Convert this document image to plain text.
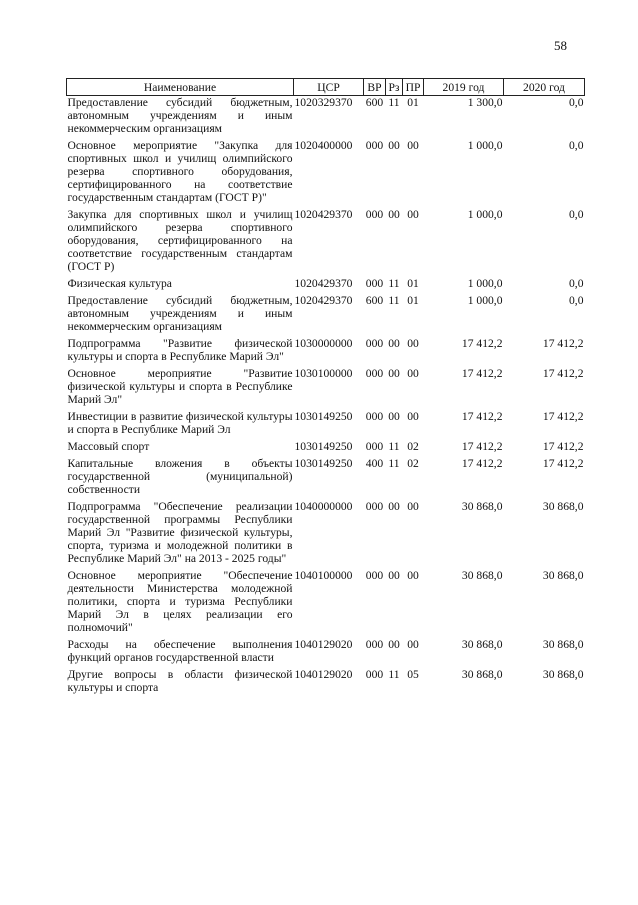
58
Наименование	ЦСР	ВР	Рз	ПР	2019 год	2020 год
Предоставление субсидий бюджетным, автономным учреждениям и иным некоммерческим организациям	1020329370	600	11	01	1 300,0	0,0
Основное мероприятие "Закупка для спортивных школ и училищ олимпийского резерва спортивного оборудования, сертифицированного на соответствие государственным стандартам (ГОСТ Р)"	1020400000	000	00	00	1 000,0	0,0
Закупка для спортивных школ и училищ олимпийского резерва спортивного оборудования, сертифицированного на соответствие государственным стандартам (ГОСТ Р)	1020429370	000	00	00	1 000,0	0,0
Физическая культура	1020429370	000	11	01	1 000,0	0,0
Предоставление субсидий бюджетным, автономным учреждениям и иным некоммерческим организациям	1020429370	600	11	01	1 000,0	0,0
Подпрограмма "Развитие физической культуры и спорта в Республике Марий Эл"	1030000000	000	00	00	17 412,2	17 412,2
Основное мероприятие "Развитие физической культуры и спорта в Республике Марий Эл"	1030100000	000	00	00	17 412,2	17 412,2
Инвестиции в развитие физической культуры и спорта в Республике Марий Эл	1030149250	000	00	00	17 412,2	17 412,2
Массовый спорт	1030149250	000	11	02	17 412,2	17 412,2
Капитальные вложения в объекты государственной (муниципальной) собственности	1030149250	400	11	02	17 412,2	17 412,2
Подпрограмма "Обеспечение реализации государственной программы Республики Марий Эл "Развитие физической культуры, спорта, туризма и молодежной политики в Республике Марий Эл" на 2013 - 2025 годы"	1040000000	000	00	00	30 868,0	30 868,0
Основное мероприятие "Обеспечение деятельности Министерства молодежной политики, спорта и туризма Республики Марий Эл в целях реализации его полномочий"	1040100000	000	00	00	30 868,0	30 868,0
Расходы на обеспечение выполнения функций органов государственной власти	1040129020	000	00	00	30 868,0	30 868,0
Другие вопросы в области физической культуры и спорта	1040129020	000	11	05	30 868,0	30 868,0
